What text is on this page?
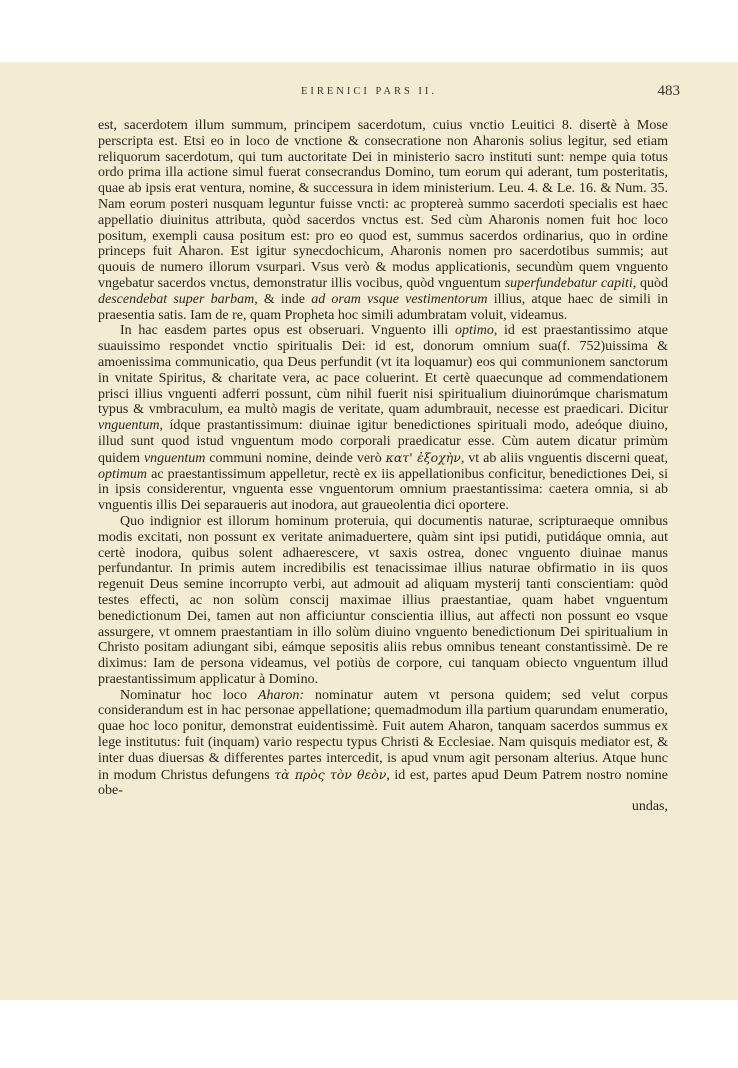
EIRENICI PARS II.	483

est, sacerdotem illum summum, principem sacerdotum, cuius vnctio Leuitici 8. disertè à Mose perscripta est. Etsi eo in loco de vnctione & consecratione non Aharonis solius legitur, sed etiam reliquorum sacerdotum, qui tum auctoritate Dei in ministerio sacro instituti sunt: nempe quia totus ordo prima illa actione simul fuerat consecrandus Domino, tum eorum qui aderant, tum posteritatis, quae ab ipsis erat ventura, nomine, & successura in idem ministerium. Leu. 4. & Le. 16. & Num. 35. Nam eorum posteri nusquam leguntur fuisse vncti: ac proptereà summo sacerdoti specialis est haec appellatio diuinitus attributa, quòd sacerdos vnctus est. Sed cùm Aharonis nomen fuit hoc loco positum, exempli causa positum est: pro eo quod est, summus sacerdos ordinarius, quo in ordine princeps fuit Aharon. Est igitur synecdochicum, Aharonis nomen pro sacerdotibus summis; aut quouis de numero illorum vsurpari. Vsus verò & modus applicationis, secundùm quem vnguento vngebatur sacerdos vnctus, demonstratur illis vocibus, quòd vnguentum superfundebatur capiti, quòd descendebat super barbam, & inde ad oram vsque vestimentorum illius, atque haec de simili in praesentia satis. Iam de re, quam Propheta hoc simili adumbratam voluit, videamus.

In hac easdem partes opus est obseruari. Vnguento illi optimo, id est praestantissimo atque suauissimo respondet vnctio spiritualis Dei: id est, donorum omnium sua(f. 752)uissima & amoenissima communicatio, qua Deus perfundit (vt ita loquamur) eos qui communionem sanctorum in vnitate Spiritus, & charitate vera, ac pace coluerint. Et certè quaecunque ad commendationem prisci illius vnguenti adferri possunt, cùm nihil fuerit nisi spiritualium diuinorúmque charismatum typus & vmbraculum, ea multò magis de veritate, quam adumbrauit, necesse est praedicari. Dicitur vnguentum, ídque prastantissimum: diuinae igitur benedictiones spirituali modo, adeóque diuino, illud sunt quod istud vnguentum modo corporali praedicatur esse. Cùm autem dicatur primùm quidem vnguentum communi nomine, deinde verò κατ' ἐξοχὴν, vt ab aliis vnguentis discerni queat, optimum ac praestantissimum appelletur, rectè ex iis appellationibus conficitur, benedictiones Dei, si in ipsis considerentur, vnguenta esse vnguentorum omnium praestantissima: caetera omnia, si ab vnguentis illis Dei separaueris aut inodora, aut graueolentia dici oportere.

Quo indignior est illorum hominum proteruia, qui documentis naturae, scripturaeque omnibus modis excitati, non possunt ex veritate animaduertere, quàm sint ipsi putidi, putidáque omnia, aut certè inodora, quibus solent adhaerescere, vt saxis ostrea, donec vnguento diuinae manus perfundantur. In primis autem incredibilis est tenacissimae illius naturae obfirmatio in iis quos regenuit Deus semine incorrupto verbi, aut admouit ad aliquam mysterij tanti conscientiam: quòd testes effecti, ac non solùm conscij maximae illius praestantiae, quam habet vnguentum benedictionum Dei, tamen aut non afficiuntur conscientia illius, aut affecti non possunt eo vsque assurgere, vt omnem praestantiam in illo solùm diuino vnguento benedictionum Dei spiritualium in Christo positam adiungant sibi, eámque sepositis aliis rebus omnibus teneant constantissimè. De re diximus: Iam de persona videamus, vel potiùs de corpore, cui tanquam obiecto vnguentum illud praestantissimum applicatur à Domino.

Nominatur hoc loco Aharon: nominatur autem vt persona quidem; sed velut corpus considerandum est in hac personae appellatione; quemadmodum illa partium quarundam enumeratio, quae hoc loco ponitur, demonstrat euidentissimè. Fuit autem Aharon, tanquam sacerdos summus ex lege institutus: fuit (inquam) vario respectu typus Christi & Ecclesiae. Nam quisquis mediator est, & inter duas diuersas & differentes partes intercedit, is apud vnum agit personam alterius. Atque hunc in modum Christus defungens τὰ πρὸς τὸν θεὸν, id est, partes apud Deum Patrem nostro nomine obe-

undas,
